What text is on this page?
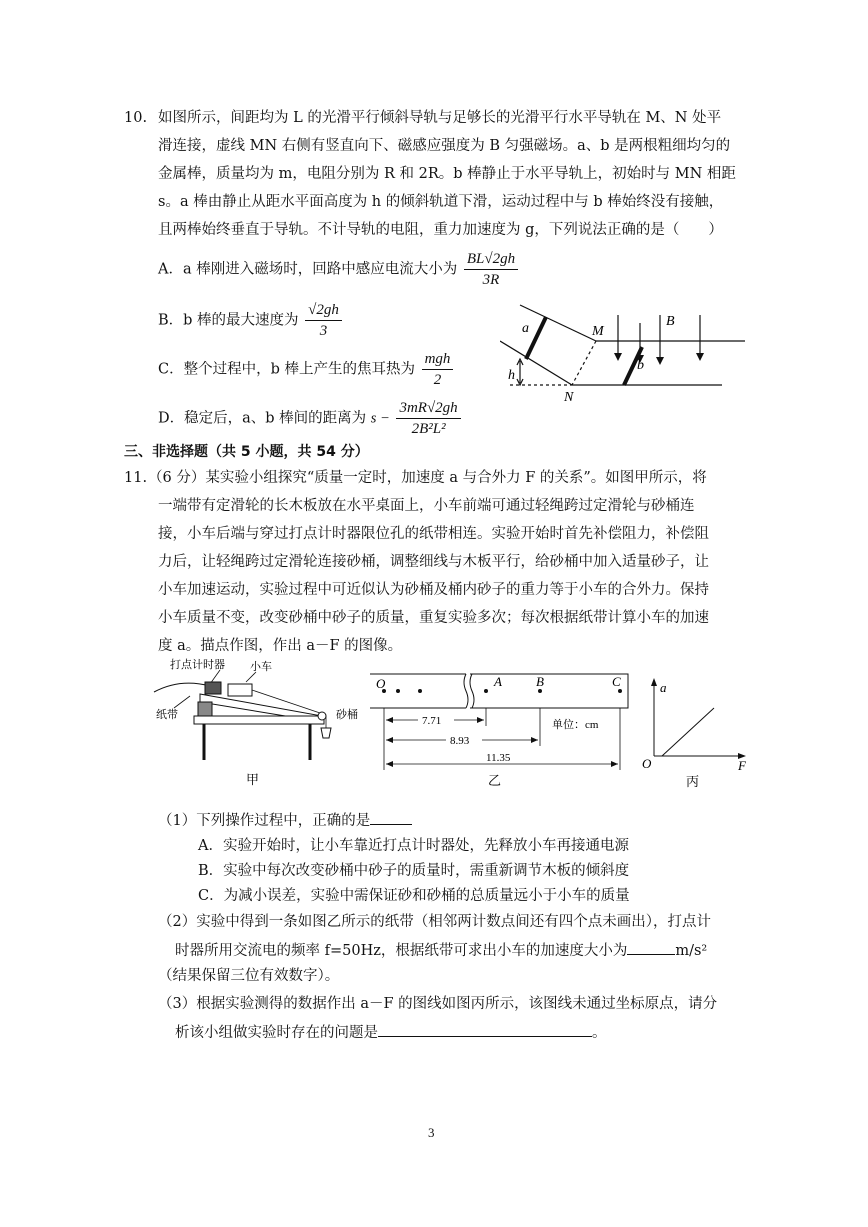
10. 如图所示，间距均为 L 的光滑平行倾斜导轨与足够长的光滑平行水平导轨在 M、N 处平
滑连接，虚线 MN 右侧有竖直向下、磁感应强度为 B 匀强磁场。a、b 是两根粗细均匀的
金属棒，质量均为 m，电阻分别为 R 和 2R。b 棒静止于水平导轨上，初始时与 MN 相距
s。a 棒由静止从距水平面高度为 h 的倾斜轨道下滑，运动过程中与 b 棒始终没有接触，
且两棒始终垂直于导轨。不计导轨的电阻，重力加速度为 g，下列说法正确的是（　　）
A．a 棒刚进入磁场时，回路中感应电流大小为 $\frac{BL√2gh}{3R}$
B．b 棒的最大速度为 $\frac{√2gh}{3}$
C．整个过程中，b 棒上产生的焦耳热为 $\frac{\text{mgh}}{2}$
D．稳定后，a、b 棒间的距离为 $s - \frac{3mR√2gh}{\text{2B²L²}}$
a
b
M
N
B
h
三、非选择题（共 5 小题，共 54 分）
11. （6 分）某实验小组探究“质量一定时，加速度 a 与合外力 F 的关系”。如图甲所示，将
一端带有定滑轮的长木板放在水平桌面上，小车前端可通过轻绳跨过定滑轮与砂桶连
接，小车后端与穿过打点计时器限位孔的纸带相连。实验开始时首先补偿阻力，补偿阻
力后，让轻绳跨过定滑轮连接砂桶，调整细线与木板平行，给砂桶中加入适量砂子，让
小车加速运动，实验过程中可近似认为砂桶及桶内砂子的重力等于小车的合外力。保持
小车质量不变，改变砂桶中砂子的质量，重复实验多次；每次根据纸带计算小车的加速
度 a。描点作图，作出 a－F 的图像。
打点计时器 小车
纸带	砂桶
甲
O	A	B	C
单位：cm
7.71
8.93
11.35
乙
a
F
O
丙
（1）下列操作过程中，正确的是
A．实验开始时，让小车靠近打点计时器处，先释放小车再接通电源
B．实验中每次改变砂桶中砂子的质量时，需重新调节木板的倾斜度
C．为减小误差，实验中需保证砂和砂桶的总质量远小于小车的质量
（2）实验中得到一条如图乙所示的纸带（相邻两计数点间还有四个点未画出），打点计
时器所用交流电的频率 f=50Hz，根据纸带可求出小车的加速度大小为	m/s²
（结果保留三位有效数字）。
（3）根据实验测得的数据作出 a－F 的图线如图丙所示，该图线未通过坐标原点，请分
析该小组做实验时存在的问题是	。
3
